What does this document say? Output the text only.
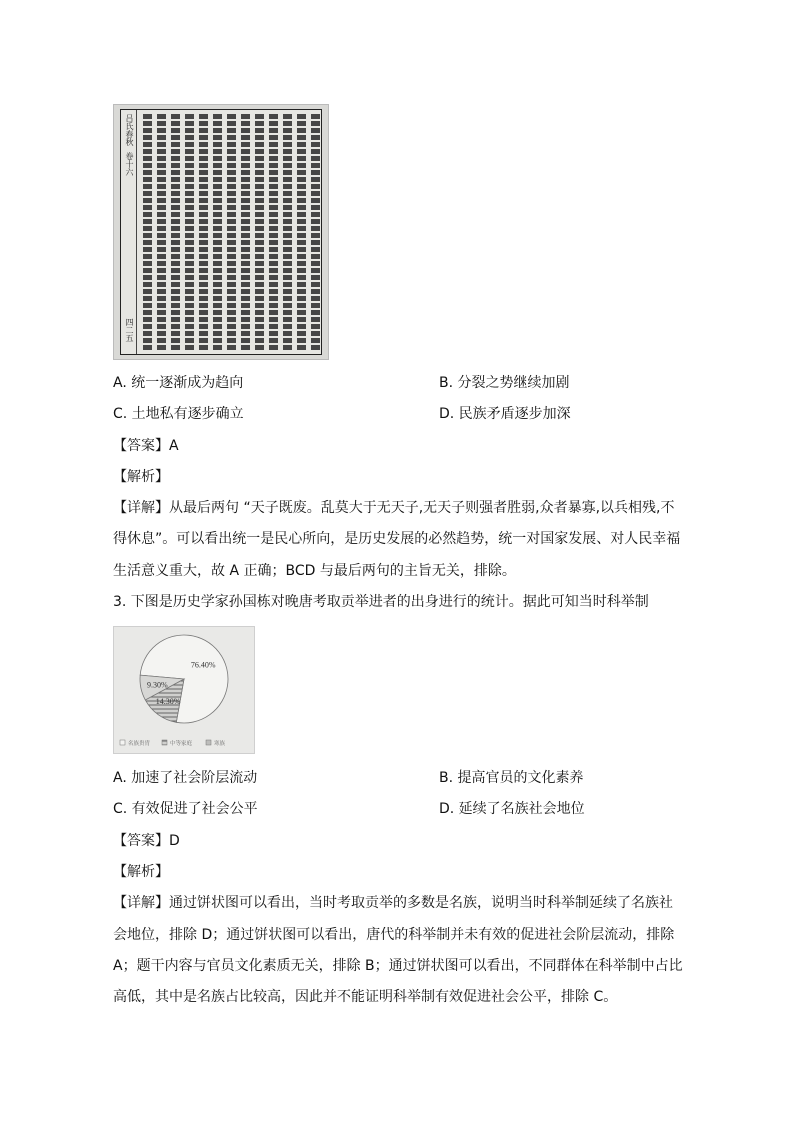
吕氏春秋
卷十六
四二五
A. 统一逐渐成为趋向	B. 分裂之势继续加剧
C. 土地私有逐步确立	D. 民族矛盾逐步加深
【答案】A
【解析】
【详解】从最后两句 “天子既废。乱莫大于无天子,无天子则强者胜弱,众者暴寡,以兵相残,不
得休息”。可以看出统一是民心所向，是历史发展的必然趋势，统一对国家发展、对人民幸福
生活意义重大，故 A 正确；BCD 与最后两句的主旨无关，排除。
3. 下图是历史学家孙国栋对晚唐考取贡举进者的出身进行的统计。据此可知当时科举制
76.40%
14.30%
9.30%
名族贵胄	中等家庭	寒族
A. 加速了社会阶层流动	B. 提高官员的文化素养
C. 有效促进了社会公平	D. 延续了名族社会地位
【答案】D
【解析】
【详解】通过饼状图可以看出，当时考取贡举的多数是名族，说明当时科举制延续了名族社
会地位，排除 D；通过饼状图可以看出，唐代的科举制并未有效的促进社会阶层流动，排除
A；题干内容与官员文化素质无关，排除 B；通过饼状图可以看出，不同群体在科举制中占比
高低，其中是名族占比较高，因此并不能证明科举制有效促进社会公平，排除 C。
